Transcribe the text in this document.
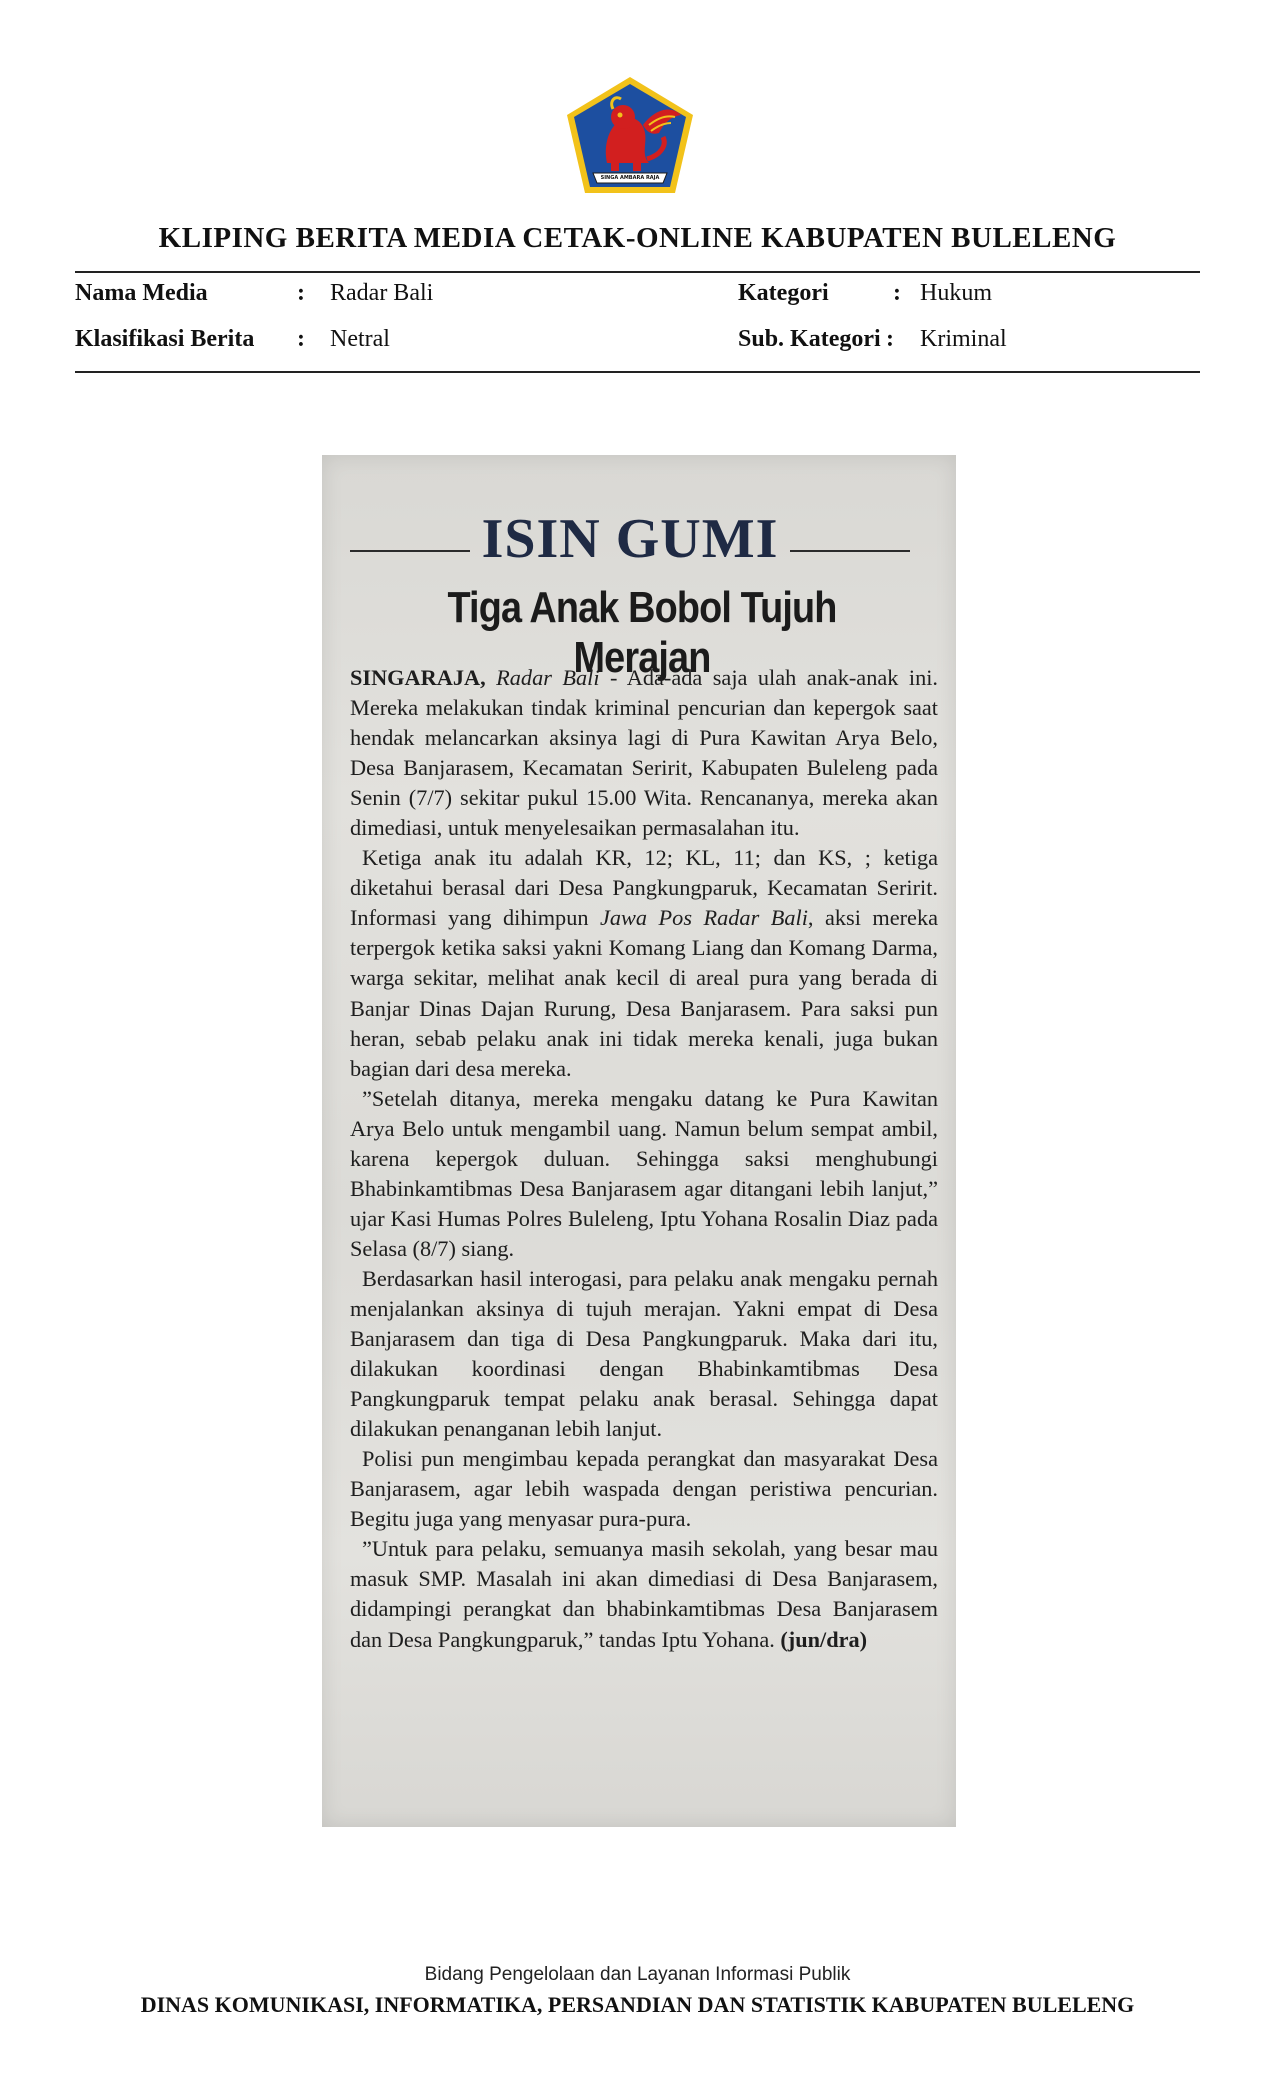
SINGA AMBARA RAJA
KLIPING BERITA MEDIA CETAK-ONLINE KABUPATEN BULELENG
Nama Media	: Radar Bali	Kategori	: Hukum
Klasifikasi Berita : Netral	Sub. Kategori : Kriminal
ISIN GUMI
Tiga Anak Bobol Tujuh Merajan

SINGARAJA, Radar Bali - Ada-ada saja ulah anak-anak ini. Mereka melakukan tindak kriminal pencurian dan kepergok saat hendak melancarkan aksinya lagi di Pura Kawitan Arya Belo, Desa Banjarasem, Kecamatan Seririt, Kabupaten Buleleng pada Senin (7/7) sekitar pukul 15.00 Wita. Rencananya, mereka akan dimediasi, untuk menyelesaikan permasalahan itu.

Ketiga anak itu adalah KR, 12; KL, 11; dan KS, ; ketiga diketahui berasal dari Desa Pangkungparuk, Kecamatan Seririt. Informasi yang dihimpun Jawa Pos Radar Bali, aksi mereka terpergok ketika saksi yakni Komang Liang dan Komang Darma, warga sekitar, melihat anak kecil di areal pura yang berada di Banjar Dinas Dajan Rurung, Desa Banjarasem. Para saksi pun heran, sebab pelaku anak ini tidak mereka kenali, juga bukan bagian dari desa mereka.

”Setelah ditanya, mereka mengaku datang ke Pura Kawitan Arya Belo untuk mengambil uang. Namun belum sempat ambil, karena kepergok duluan. Sehingga saksi menghubungi Bhabinkamtibmas Desa Banjarasem agar ditangani lebih lanjut,” ujar Kasi Humas Polres Buleleng, Iptu Yohana Rosalin Diaz pada Selasa (8/7) siang.

Berdasarkan hasil interogasi, para pelaku anak mengaku pernah menjalankan aksinya di tujuh merajan. Yakni empat di Desa Banjarasem dan tiga di Desa Pangkungparuk. Maka dari itu, dilakukan koordinasi dengan Bhabinkamtibmas Desa Pangkungparuk tempat pelaku anak berasal. Sehingga dapat dilakukan penanganan lebih lanjut.

Polisi pun mengimbau kepada perangkat dan masyarakat Desa Banjarasem, agar lebih waspada dengan peristiwa pencurian. Begitu juga yang menyasar pura-pura.

”Untuk para pelaku, semuanya masih sekolah, yang besar mau masuk SMP. Masalah ini akan dimediasi di Desa Banjarasem, didampingi perangkat dan bhabinkamtibmas Desa Banjarasem dan Desa Pangkungparuk,” tandas Iptu Yohana. (jun/dra)

Bidang Pengelolaan dan Layanan Informasi Publik
DINAS KOMUNIKASI, INFORMATIKA, PERSANDIAN DAN STATISTIK KABUPATEN BULELENG
